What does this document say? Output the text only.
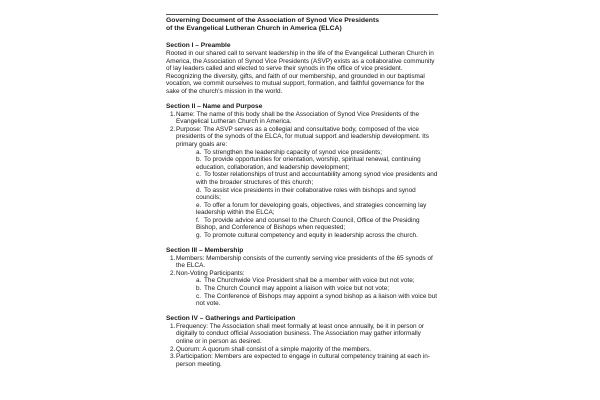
Governing Document of the Association of Synod Vice Presidents
of the Evangelical Lutheran Church in America (ELCA)
Section I – Preamble

Rooted in our shared call to servant leadership in the life of the Evangelical Lutheran Church in America, the Association of Synod Vice Presidents (ASVP) exists as a collaborative community of lay leaders called and elected to serve their synods in the office of vice president. Recognizing the diversity, gifts, and faith of our membership, and grounded in our baptismal vocation, we commit ourselves to mutual support, formation, and faithful governance for the sake of the church's mission in the world.

Section II – Name and Purpose
1. Name: The name of this body shall be the Association of Synod Vice Presidents of the Evangelical Lutheran Church in America.
2. Purpose: The ASVP serves as a collegial and consultative body, composed of the vice presidents of the synods of the ELCA, for mutual support and leadership development. Its primary goals are:
a. To strengthen the leadership capacity of synod vice presidents;
b. To provide opportunities for orientation, worship, spiritual renewal, continuing education, collaboration, and leadership development;
c. To foster relationships of trust and accountability among synod vice presidents and with the broader structures of this church;
d. To assist vice presidents in their collaborative roles with bishops and synod councils;
e. To offer a forum for developing goals, objectives, and strategies concerning lay leadership within the ELCA;
f. To provide advice and counsel to the Church Council, Office of the Presiding Bishop, and Conference of Bishops when requested;
g. To promote cultural competency and equity in leadership across the church.
Section III – Membership
1. Members: Membership consists of the currently serving vice presidents of the 65 synods of the ELCA.
2. Non-Voting Participants:
a. The Churchwide Vice President shall be a member with voice but not vote;
b. The Church Council may appoint a liaison with voice but not vote;
c. The Conference of Bishops may appoint a synod bishop as a liaison with voice but not vote.
Section IV – Gatherings and Participation
1. Frequency: The Association shall meet formally at least once annually, be it in person or digitally to conduct official Association business. The Association may gather informally online or in person as desired.
2. Quorum: A quorum shall consist of a simple majority of the members.
3. Participation: Members are expected to engage in cultural competency training at each in-person meeting.
